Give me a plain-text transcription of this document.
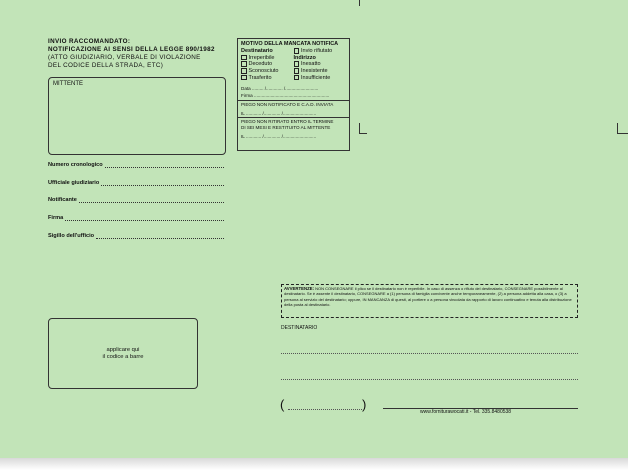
INVIO RACCOMANDATO:
NOTIFICAZIONE AI SENSI DELLA LEGGE 890/1982
(ATTO GIUDIZIARIO, VERBALE DI VIOLAZIONE
DEL CODICE DELLA STRADA, ETC)
MITTENTE
Numero cronologico
Ufficiale giudiziario
Notificante
Firma
Sigillo dell'ufficio
MOTIVO DELLA MANCATA NOTIFICA
Destinatario
Irreperibile
Deceduto
Sconosciuto
Trasferito
Invio rifiutato
Indirizzo
Inesatto
Inesistente
Insufficiente
Data ......... /............. /..........................
Firma ...........................................................
PIEGO NON NOTIFICATO E C.A.D. INVIATA
IL ............ /............. /..........................
PIEGO NON RITIRATO ENTRO IL TERMINE
DI SEI MESI E RESTITUITO AL MITTENTE
IL ............ /............. /..........................
AVVERTENZE: NON CONSEGNARE il plico se il destinatario non è reperibile. In caso di assenza o rifiuto del destinatario, CONSEGNARE possibilmente al destinatario. Se è assente il destinatario, CONSEGNARE a (1) persona di famiglia convivente anche temporaneamente, (2) a persona addetta alla casa, o (3) a persona al servizio del destinatario; oppure, IN MANCANZA di questi, al portiere o a persona vincolata da rapporto di lavoro continuativo e tenuta alla distribuzione della posta al destinatario.
DESTINATARIO
(	)	www.forniturawocati.it - Tel. 335.8480538
applicare qui
il codice a barre
